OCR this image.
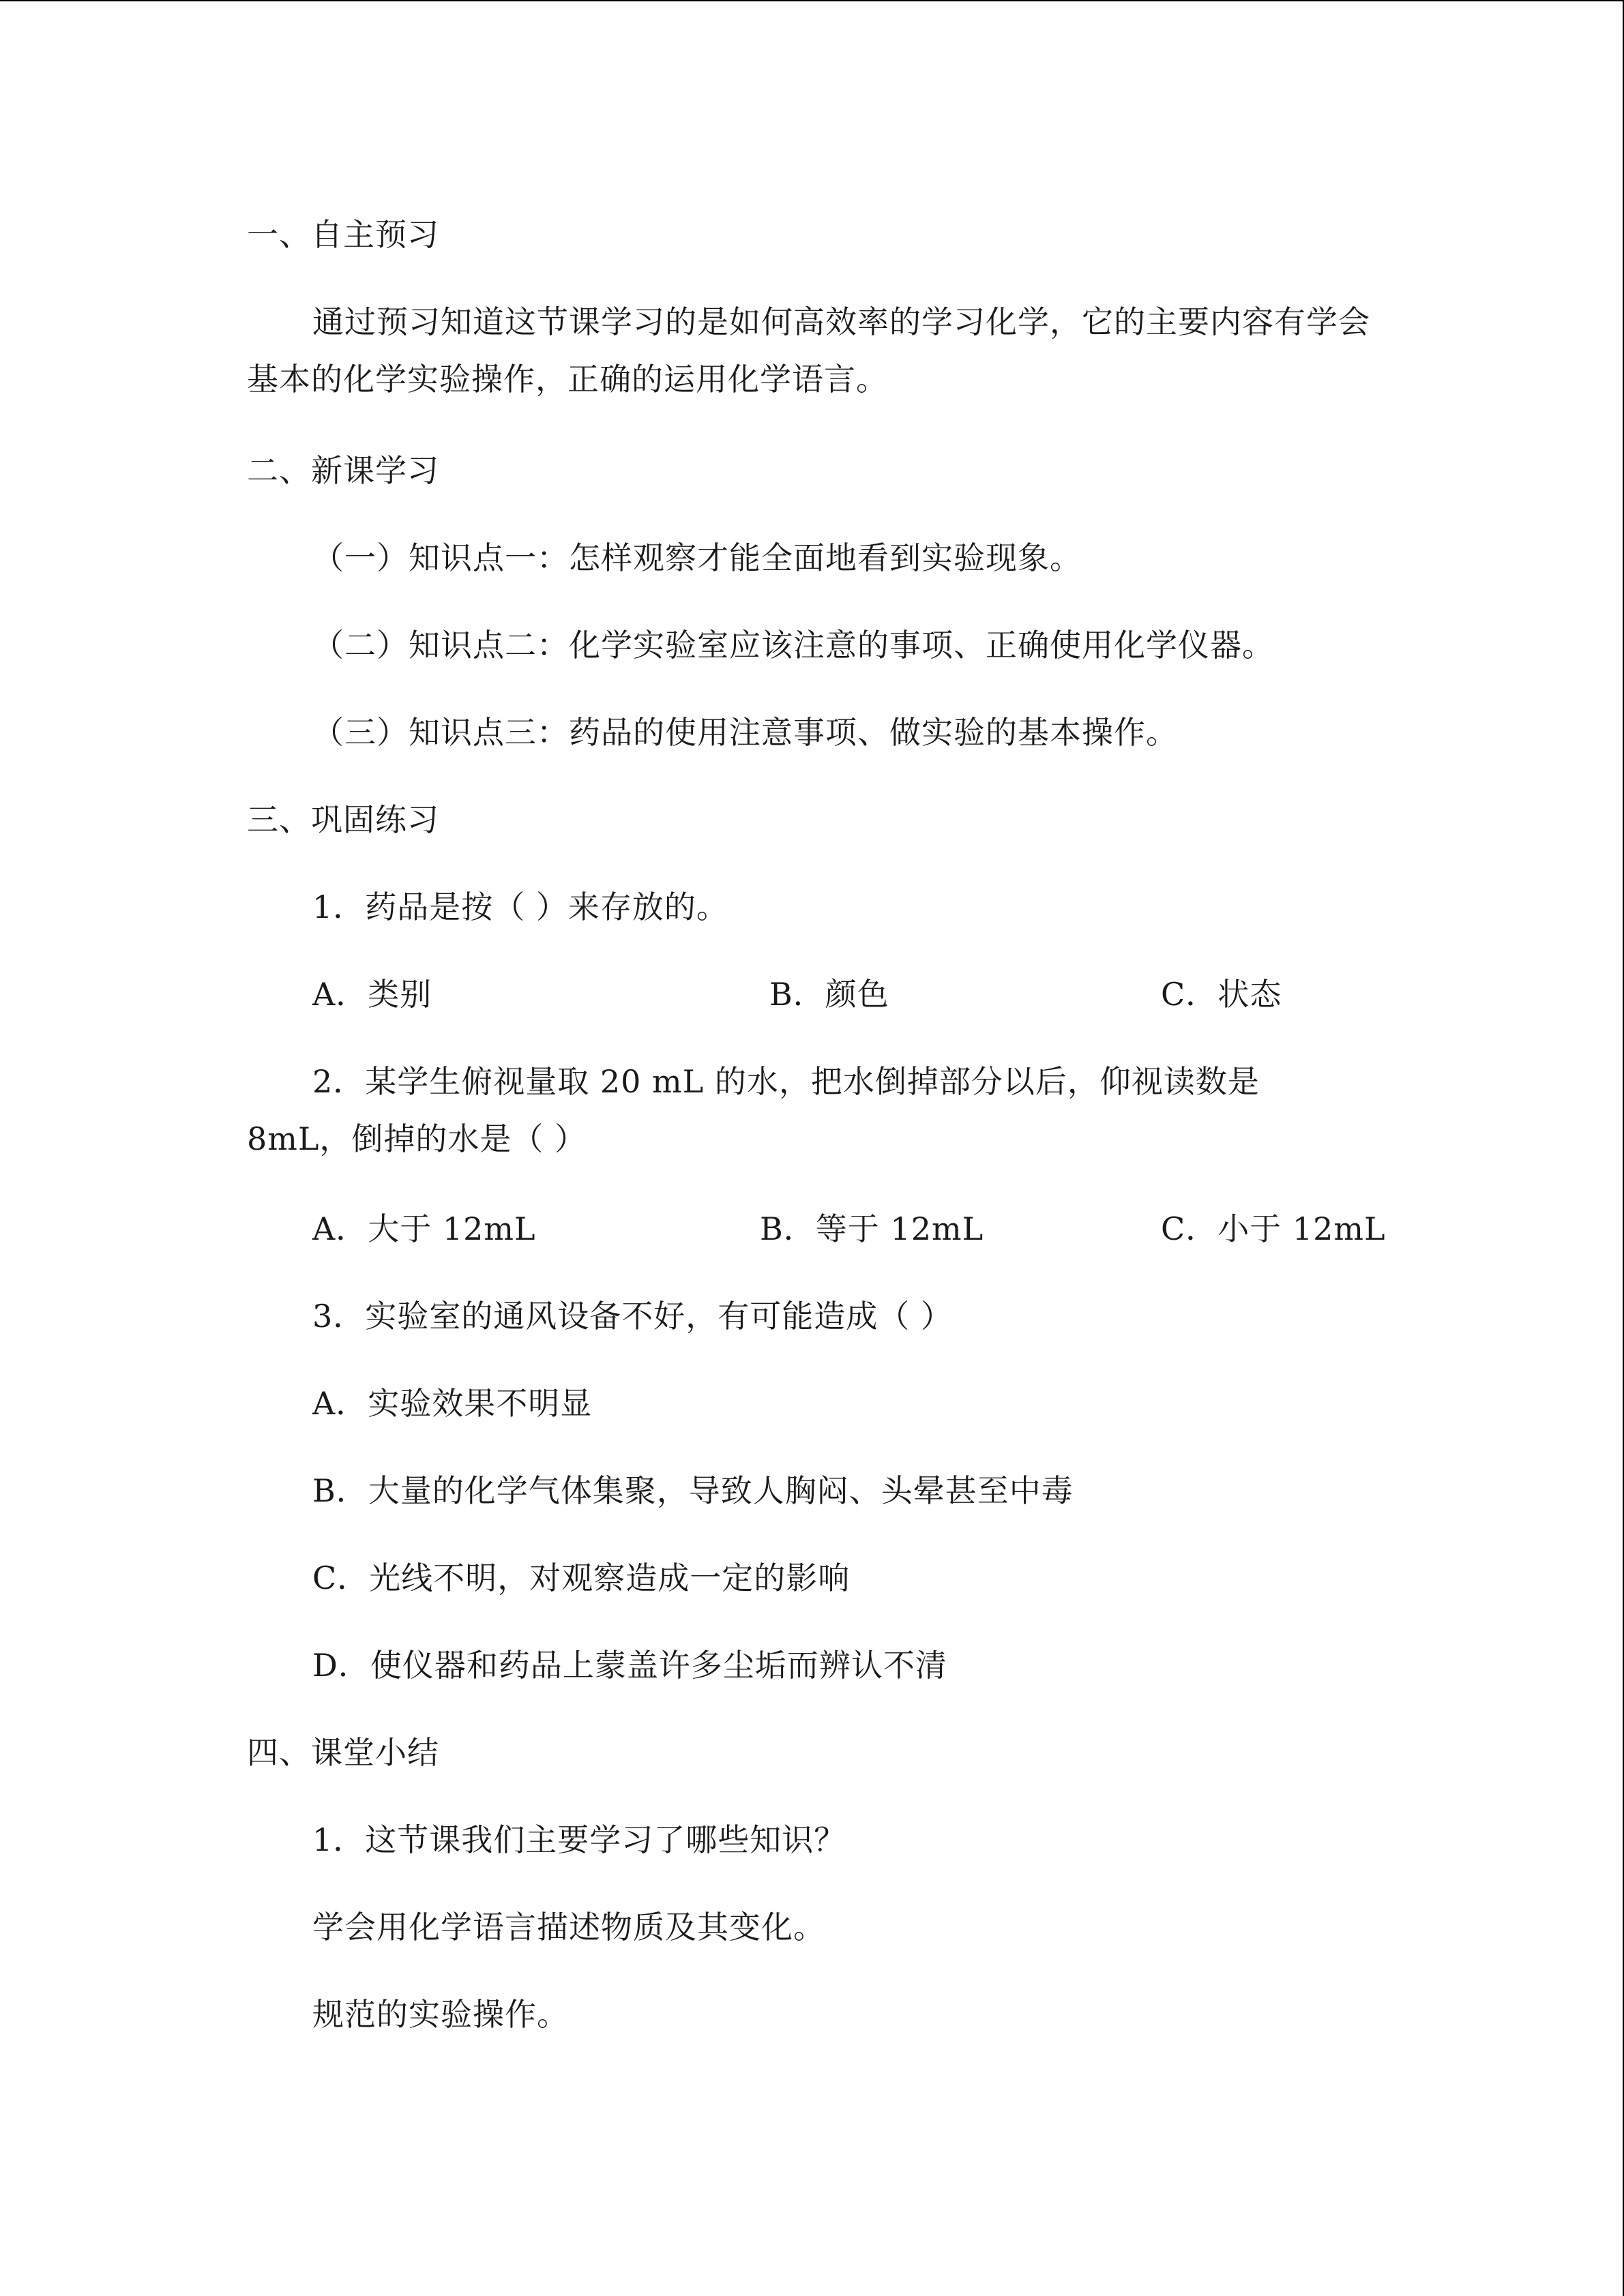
一、自主预习
通过预习知道这节课学习的是如何高效率的学习化学，它的主要内容有学会基本的化学实验操作，正确的运用化学语言。
二、新课学习
（一）知识点一：怎样观察才能全面地看到实验现象。
（二）知识点二：化学实验室应该注意的事项、正确使用化学仪器。
（三）知识点三：药品的使用注意事项、做实验的基本操作。
三、巩固练习
1．药品是按（ ）来存放的。
A．类别	B．颜色	C．状态
2．某学生俯视量取 20 mL 的水，把水倒掉部分以后，仰视读数是 8mL，倒掉的水是（ ）
A．大于 12mL	B．等于 12mL	C．小于 12mL
3．实验室的通风设备不好，有可能造成（ ）
A．实验效果不明显
B．大量的化学气体集聚，导致人胸闷、头晕甚至中毒
C．光线不明，对观察造成一定的影响
D．使仪器和药品上蒙盖许多尘垢而辨认不清
四、课堂小结
1．这节课我们主要学习了哪些知识？
学会用化学语言描述物质及其变化。
规范的实验操作。
